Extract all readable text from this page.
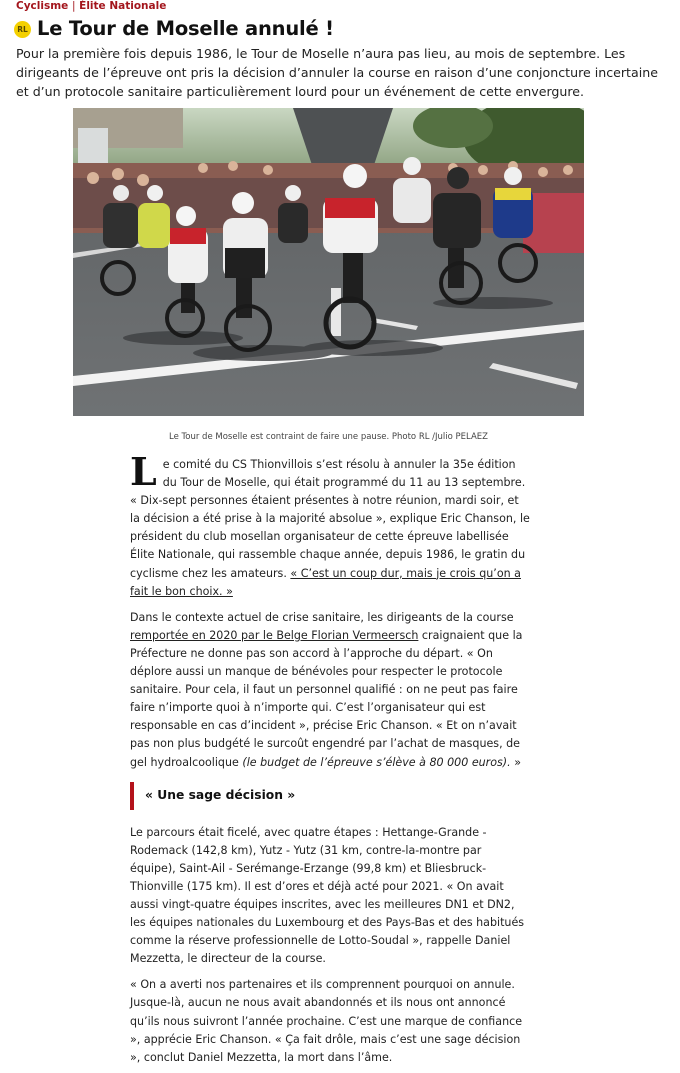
Cyclisme | Élite Nationale
RL Le Tour de Moselle annulé !

Pour la première fois depuis 1986, le Tour de Moselle n’aura pas lieu, au mois de septembre. Les dirigeants de l’épreuve ont pris la décision d’annuler la course en raison d’une conjoncture incertaine et d’un protocole sanitaire particulièrement lourd pour un événement de cette envergure.

Le Tour de Moselle est contraint de faire une pause. Photo RL /Julio PELAEZ

Le comité du CS Thionvillois s’est résolu à annuler la 35e édition du Tour de Moselle, qui était programmé du 11 au 13 septembre. « Dix-sept personnes étaient présentes à notre réunion, mardi soir, et la décision a été prise à la majorité absolue », explique Eric Chanson, le président du club mosellan organisateur de cette épreuve labellisée Élite Nationale, qui rassemble chaque année, depuis 1986, le gratin du cyclisme chez les amateurs. « C’est un coup dur, mais je crois qu’on a fait le bon choix. »

Dans le contexte actuel de crise sanitaire, les dirigeants de la course remportée en 2020 par le Belge Florian Vermeersch craignaient que la Préfecture ne donne pas son accord à l’approche du départ. « On déplore aussi un manque de bénévoles pour respecter le protocole sanitaire. Pour cela, il faut un personnel qualifié : on ne peut pas faire faire n’importe quoi à n’importe qui. C’est l’organisateur qui est responsable en cas d’incident », précise Eric Chanson. « Et on n’avait pas non plus budgété le surcoût engendré par l’achat de masques, de gel hydroalcoolique (le budget de l’épreuve s’élève à 80 000 euros). »

« Une sage décision »

Le parcours était ficelé, avec quatre étapes : Hettange-Grande - Rodemack (142,8 km), Yutz - Yutz (31 km, contre-la-montre par équipe), Saint-Ail - Serémange-Erzange (99,8 km) et Bliesbruck-Thionville (175 km). Il est d’ores et déjà acté pour 2021. « On avait aussi vingt-quatre équipes inscrites, avec les meilleures DN1 et DN2, les équipes nationales du Luxembourg et des Pays-Bas et des habitués comme la réserve professionnelle de Lotto-Soudal », rappelle Daniel Mezzetta, le directeur de la course.

« On a averti nos partenaires et ils comprennent pourquoi on annule. Jusque-là, aucun ne nous avait abandonnés et ils nous ont annoncé qu’ils nous suivront l’année prochaine. C’est une marque de confiance », apprécie Eric Chanson. « Ça fait drôle, mais c’est une sage décision », conclut Daniel Mezzetta, la mort dans l’âme.
